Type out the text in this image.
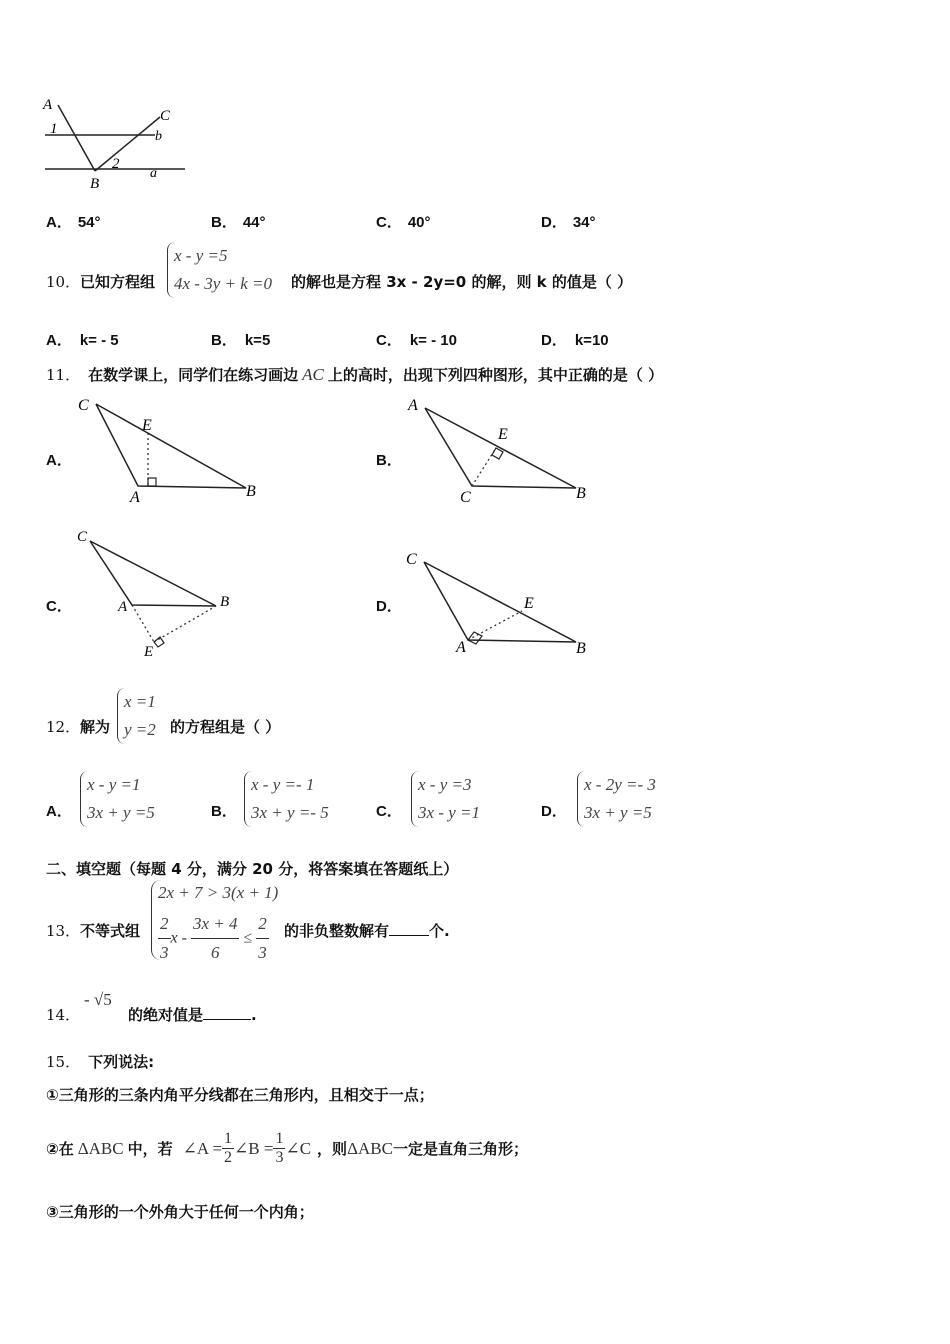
A
C
1	b
2
B
a
A． 54°	B． 44°	C． 40°	D． 34°
10． 已知方程组
x - y =5
4x - 3y + k =0 的解也是方程 3x - 2y=0 的解，则 k 的值是（ ）
A． k= - 5	B． k=5	C． k= - 10	D． k=10
11． 在数学课上，同学们在练习画边 AC 上的高时，出现下列四种图形，其中正确的是（ ）
A．
C
E
A	B
B．
A
E
C	B
C．
C
A	B
E
D．
C
E
A	B
12． 解为
x =1
y =2 的方程组是（ ）
A．
x - y =1
3x + y =5	B．
x - y =- 1
3x + y =- 5	C．
x - y =3
3x - y =1	D．
x - 2y =- 3
3x + y =5
二、填空题（每题 4 分，满分 20 分，将答案填在答题纸上）
13． 不等式组
2x + 7 > 3(x + 1)
$\frac{2}{3}$ $x - \frac{3x + 4}{6} \le \frac{2}{3}$ 的非负整数解有	个.
14．
- √5
的绝对值是	.
15． 下列说法:
①三角形的三条内角平分线都在三角形内，且相交于一点；
②在 ΔABC 中，若 ∠A = $\frac{1}{2}$ ∠B = $\frac{1}{3}$ ∠C ，则 ΔABC 一定是直角三角形；
③三角形的一个外角大于任何一个内角；
